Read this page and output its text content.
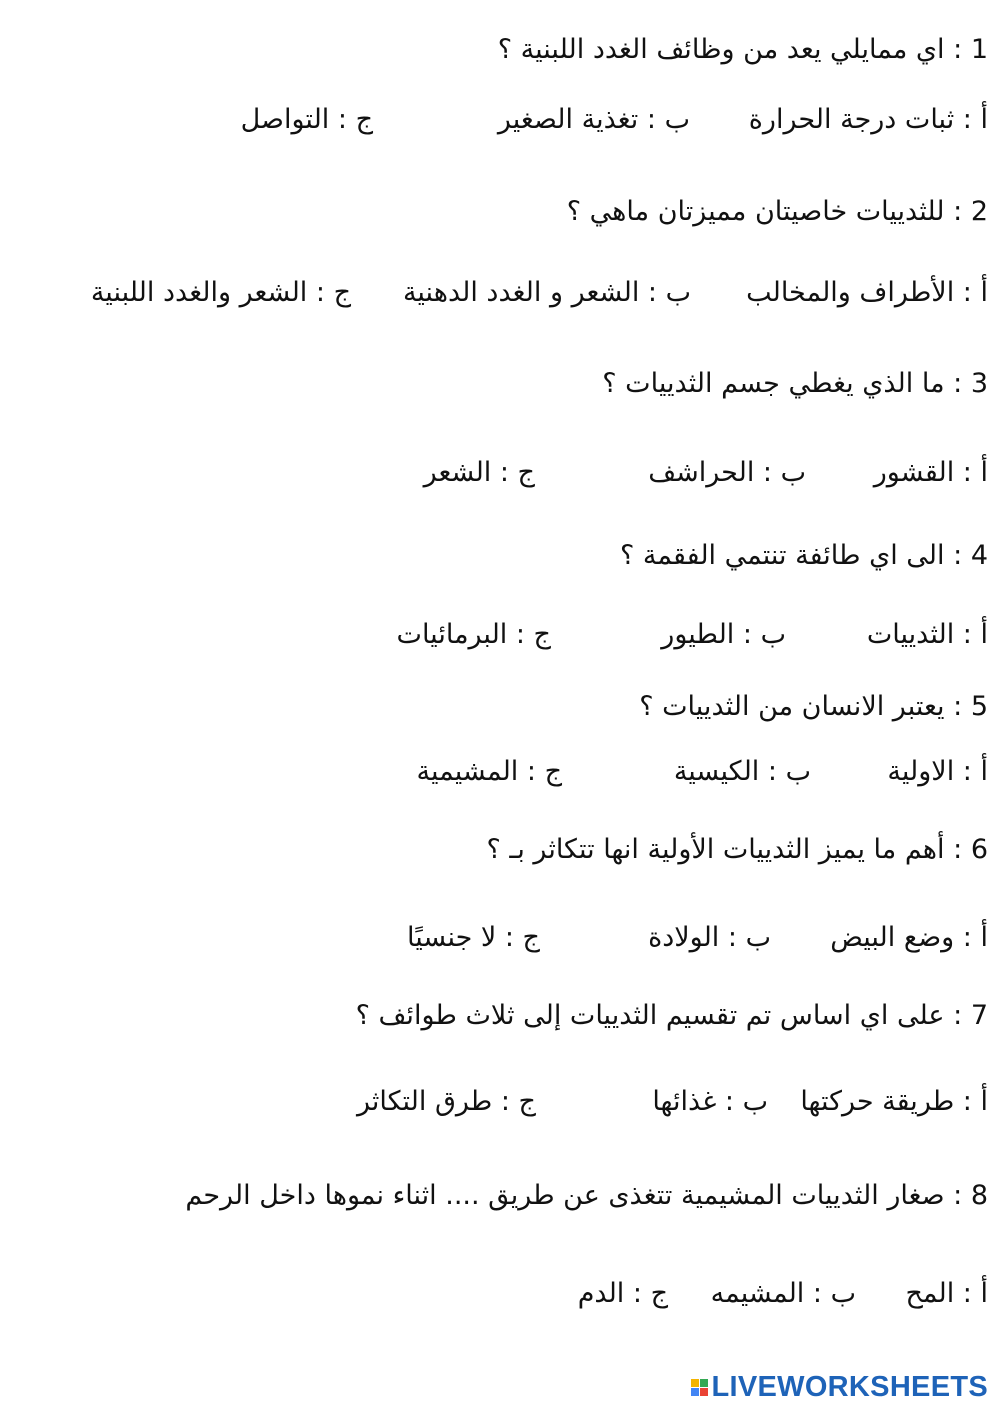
1 : اي ممايلي يعد من وظائف الغدد اللبنية ؟
أ : ثبات درجة الحرارة
ب : تغذية الصغير
ج : التواصل
2 : للثدييات خاصيتان مميزتان ماهي ؟
أ : الأطراف والمخالب
ب : الشعر و الغدد الدهنية
ج : الشعر والغدد اللبنية
3 : ما الذي يغطي جسم الثدييات ؟
أ : القشور
ب : الحراشف
ج : الشعر
4 : الى اي طائفة تنتمي الفقمة ؟
أ : الثدييات
ب : الطيور
ج : البرمائيات
5 : يعتبر الانسان من الثدييات ؟
أ : الاولية
ب : الكيسية
ج : المشيمية
6 : أهم ما يميز الثدييات الأولية انها تتكاثر بـ ؟
أ : وضع البيض
ب : الولادة
ج : لا جنسيًا
7 : على اي اساس تم تقسيم الثدييات إلى ثلاث طوائف ؟
أ : طريقة حركتها
ب : غذائها
ج : طرق التكاثر
8 : صغار الثدييات المشيمية تتغذى عن طريق .... اثناء نموها داخل الرحم
أ : المح
ب : المشيمه
ج : الدم
LIVEWORKSHEETS
